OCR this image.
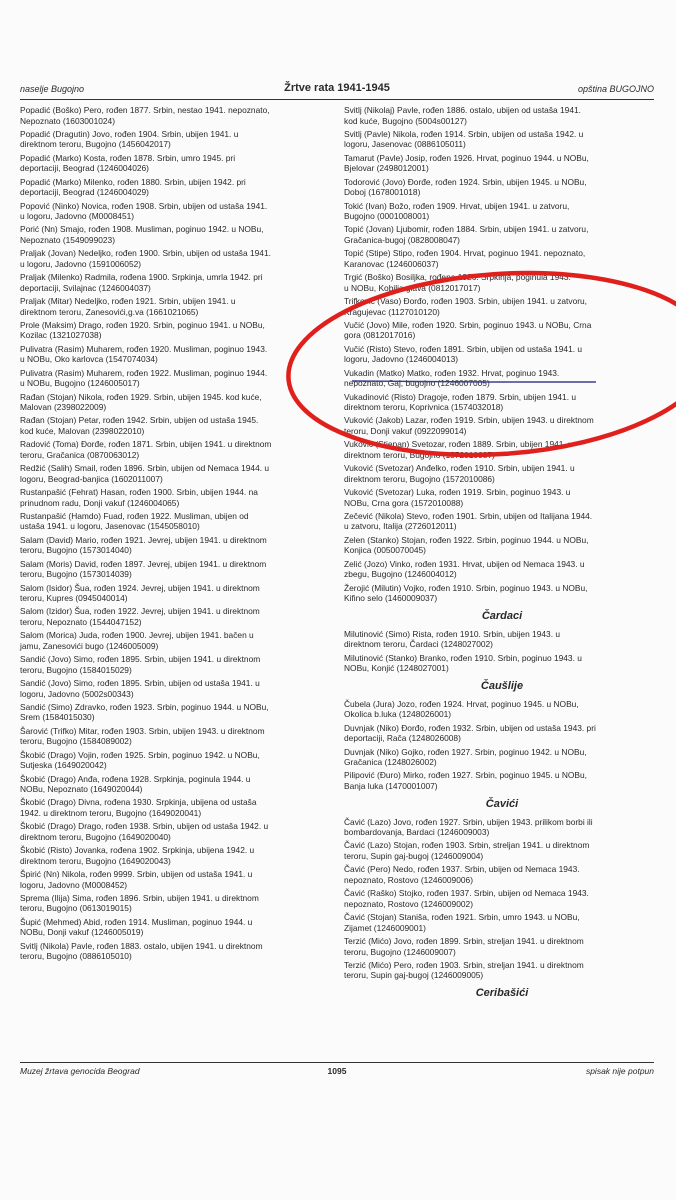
naselje Bugojno	Žrtve rata 1941-1945	opština BUGOJNO
Popadić (Boško) Pero, rođen 1877. Srbin, nestao 1941. nepoznato,
Nepoznato (1603001024)
Popadić (Dragutin) Jovo, rođen 1904. Srbin, ubijen 1941. u
direktnom teroru, Bugojno (1456042017)
Popadić (Marko) Kosta, rođen 1878. Srbin, umro 1945. pri
deportaciji, Beograd (1246004026)
Popadić (Marko) Milenko, rođen 1880. Srbin, ubijen 1942. pri
deportaciji, Beograd (1246004029)
Popović (Ninko) Novica, rođen 1908. Srbin, ubijen od ustaša 1941.
u logoru, Jadovno (M0008451)
Porić (Nn) Smajo, rođen 1908. Musliman, poginuo 1942. u NOBu,
Nepoznato (1549099023)
Praljak (Jovan) Nedeljko, rođen 1900. Srbin, ubijen od ustaša 1941.
u logoru, Jadovno (1591006052)
Praljak (Milenko) Radmila, rođena 1900. Srpkinja, umrla 1942. pri
deportaciji, Svilajnac (1246004037)
Praljak (Mitar) Nedeljko, rođen 1921. Srbin, ubijen 1941. u
direktnom teroru, Zanesovići,g.va (1661021065)
Prole (Maksim) Drago, rođen 1920. Srbin, poginuo 1941. u NOBu,
Kozilac (1321027038)
Pulivatra (Rasim) Muharem, rođen 1920. Musliman, poginuo 1943.
u NOBu, Oko karlovca (1547074034)
Pulivatra (Rasim) Muharem, rođen 1922. Musliman, poginuo 1944.
u NOBu, Bugojno (1246005017)
Rađan (Stojan) Nikola, rođen 1929. Srbin, ubijen 1945. kod kuće,
Malovan (2398022009)
Rađan (Stojan) Petar, rođen 1942. Srbin, ubijen od ustaša 1945.
kod kuće, Malovan (2398022010)
Radović (Toma) Đorđe, rođen 1871. Srbin, ubijen 1941. u direktnom
teroru, Gračanica (0870063012)
Redžić (Salih) Smail, rođen 1896. Srbin, ubijen od Nemaca 1944. u
logoru, Beograd-banjica (1602011007)
Rustanpašić (Fehrat) Hasan, rođen 1900. Srbin, ubijen 1944. na
prinudnom radu, Donji vakuf (1246004065)
Rustanpašić (Hamdo) Fuad, rođen 1922. Musliman, ubijen od
ustaša 1941. u logoru, Jasenovac (1545058010)
Salam (David) Mario, rođen 1921. Jevrej, ubijen 1941. u direktnom
teroru, Bugojno (1573014040)
Salam (Moris) David, rođen 1897. Jevrej, ubijen 1941. u direktnom
teroru, Bugojno (1573014039)
Salom (Isidor) Šua, rođen 1924. Jevrej, ubijen 1941. u direktnom
teroru, Kupres (0945040014)
Salom (Izidor) Šua, rođen 1922. Jevrej, ubijen 1941. u direktnom
teroru, Nepoznato (1544047152)
Salom (Morica) Juda, rođen 1900. Jevrej, ubijen 1941. bačen u
jamu, Zanesovići bugo (1246005009)
Sandić (Jovo) Simo, rođen 1895. Srbin, ubijen 1941. u direktnom
teroru, Bugojno (1584015029)
Sandić (Jovo) Simo, rođen 1895. Srbin, ubijen od ustaša 1941. u
logoru, Jadovno (5002s00343)
Sandić (Simo) Zdravko, rođen 1923. Srbin, poginuo 1944. u NOBu,
Srem (1584015030)
Šarović (Trifko) Mitar, rođen 1903. Srbin, ubijen 1943. u direktnom
teroru, Bugojno (1584089002)
Škobić (Drago) Vojin, rođen 1925. Srbin, poginuo 1942. u NOBu,
Sutjeska (1649020042)
Škobić (Drago) Anđa, rođena 1928. Srpkinja, poginula 1944. u
NOBu, Nepoznato (1649020044)
Škobić (Drago) Divna, rođena 1930. Srpkinja, ubijena od ustaša
1942. u direktnom teroru, Bugojno (1649020041)
Škobić (Drago) Drago, rođen 1938. Srbin, ubijen od ustaša 1942. u
direktnom teroru, Bugojno (1649020040)
Škobić (Risto) Jovanka, rođena 1902. Srpkinja, ubijena 1942. u
direktnom teroru, Bugojno (1649020043)
Špirić (Nn) Nikola, rođen 9999. Srbin, ubijen od ustaša 1941. u
logoru, Jadovno (M0008452)
Sprema (Ilija) Sima, rođen 1896. Srbin, ubijen 1941. u direktnom
teroru, Bugojno (0613019015)
Šupić (Mehmed) Abid, rođen 1914. Musliman, poginuo 1944. u
NOBu, Donji vakuf (1246005019)
Svitlj (Nikola) Pavle, rođen 1883. ostalo, ubijen 1941. u direktnom
teroru, Bugojno (0886105010)
Svitlj (Nikolaj) Pavle, rođen 1886. ostalo, ubijen od ustaša 1941.
kod kuće, Bugojno (5004s00127)
Svitlj (Pavle) Nikola, rođen 1914. Srbin, ubijen od ustaša 1942. u
logoru, Jasenovac (0886105011)
Tamarut (Pavle) Josip, rođen 1926. Hrvat, poginuo 1944. u NOBu,
Bjelovar (2498012001)
Todorović (Jovo) Đorđe, rođen 1924. Srbin, ubijen 1945. u NOBu,
Doboj (1678001018)
Tokić (Ivan) Božo, rođen 1909. Hrvat, ubijen 1941. u zatvoru,
Bugojno (0001008001)
Topić (Jovan) Ljubomir, rođen 1884. Srbin, ubijen 1941. u zatvoru,
Gračanica-bugoj (0828008047)
Topić (Stipe) Stipo, rođen 1904. Hrvat, poginuo 1941. nepoznato,
Karanovac (1246006037)
Trgić (Boško) Bosiljka, rođena 1926. Srpkinja, poginula 1943.
u NOBu, Kobilja glava (0812017017)
Trifković (Vaso) Đorđo, rođen 1903. Srbin, ubijen 1941. u zatvoru,
Kragujevac (1127010120)
Vučić (Jovo) Mile, rođen 1920. Srbin, poginuo 1943. u NOBu, Crna
gora (0812017016)
Vučić (Risto) Stevo, rođen 1891. Srbin, ubijen od ustaša 1941. u
logoru, Jadovno (1246004013)
Vukadin (Matko) Matko, rođen 1932. Hrvat, poginuo 1943.
nepoznato, Gaj, bugojno (1246007005)
Vukadinović (Risto) Dragoje, rođen 1879. Srbin, ubijen 1941. u
direktnom teroru, Koprivnica (1574032018)
Vuković (Jakob) Lazar, rođen 1919. Srbin, ubijen 1943. u direktnom
teroru, Donji vakuf (0922099014)
Vuković (Stjepan) Svetozar, rođen 1889. Srbin, ubijen 1941. u
direktnom teroru, Bugojno (1572010087)
Vuković (Svetozar) Anđelko, rođen 1910. Srbin, ubijen 1941. u
direktnom teroru, Bugojno (1572010086)
Vuković (Svetozar) Luka, rođen 1919. Srbin, poginuo 1943. u
NOBu, Crna gora (1572010088)
Zečević (Nikola) Stevo, rođen 1901. Srbin, ubijen od Italijana 1944.
u zatvoru, Italija (2726012011)
Zelen (Stanko) Stojan, rođen 1922. Srbin, poginuo 1944. u NOBu,
Konjica (0050070045)
Zelić (Jozo) Vinko, rođen 1931. Hrvat, ubijen od Nemaca 1943. u
zbegu, Bugojno (1246004012)
Žerojić (Milutin) Vojko, rođen 1910. Srbin, poginuo 1943. u NOBu,
Kifino selo (1460009037)
Čardaci
Milutinović (Simo) Rista, rođen 1910. Srbin, ubijen 1943. u
direktnom teroru, Čardaci (1248027002)
Milutinović (Stanko) Branko, rođen 1910. Srbin, poginuo 1943. u
NOBu, Konjić (1248027001)
Čaušlije
Čubela (Jura) Jozo, rođen 1924. Hrvat, poginuo 1945. u NOBu,
Okolica b.luka (1248026001)
Duvnjak (Niko) Đorđo, rođen 1932. Srbin, ubijen od ustaša 1943. pri
deportaciji, Rača (1248026008)
Duvnjak (Niko) Gojko, rođen 1927. Srbin, poginuo 1942. u NOBu,
Gračanica (1248026002)
Pilipović (Đuro) Mirko, rođen 1927. Srbin, poginuo 1945. u NOBu,
Banja luka (1470001007)
Čavići
Čavić (Lazo) Jovo, rođen 1927. Srbin, ubijen 1943. prilikom borbi ili
bombardovanja, Bardaci (1246009003)
Čavić (Lazo) Stojan, rođen 1903. Srbin, streljan 1941. u direktnom
teroru, Supin gaj-bugoj (1246009004)
Čavić (Pero) Nedo, rođen 1937. Srbin, ubijen od Nemaca 1943.
nepoznato, Rostovo (1246009006)
Čavić (Raško) Stojko, rođen 1937. Srbin, ubijen od Nemaca 1943.
nepoznato, Rostovo (1246009002)
Čavić (Stojan) Staniša, rođen 1921. Srbin, umro 1943. u NOBu,
Zijamet (1246009001)
Terzić (Mićo) Jovo, rođen 1899. Srbin, streljan 1941. u direktnom
teroru, Bugojno (1246009007)
Terzić (Mićo) Pero, rođen 1903. Srbin, streljan 1941. u direktnom
teroru, Supin gaj-bugoj (1246009005)
Ceribašići
Muzej žrtava genocida Beograd	1095	spisak nije potpun
